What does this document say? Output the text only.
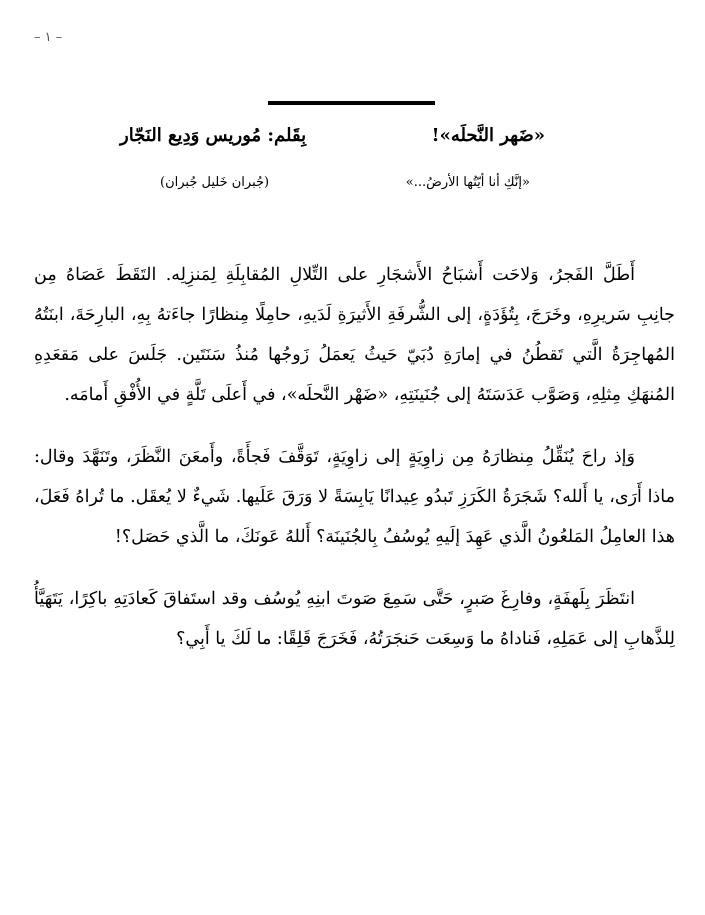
– ١ –
«ضَهر النَّحلَه»!
بِقَلم: مُوريس وَدِيع النَجّار
«إنَّكِ أنا أيّتُها الأرضُ...»
(جُبران خَليل جُبران)

أَطَلَّ الفَجرُ، وَلاحَت أَشبَاحُ الأَشجَارِ على التِّلالِ المُقابِلَةِ لِمَنزِلِه. التَقَطَ عَصَاهُ مِن جانِبِ سَريرِهِ، وخَرَجَ، بِتُؤَدَةٍ، إلى الشُّرفَةِ الأَثيرَةِ لَدَيهِ، حامِلًا مِنظارًا جاءَتهُ بِهِ، البارِحَةَ، ابنَتُهُ المُهاجِرَةُ الَّتي تَقطُنُ في إمارَةِ دُبَيّ حَيثُ يَعمَلُ زَوجُها مُنذُ سَنَتَين. جَلَسَ على مَقعَدِهِ المُنهَكِ مِثلِهِ، وَصَوَّب عَدَسَتَهُ إلى جُنَينَتِهِ، «ضَهْر النَّحلَه»، في أَعلَى تَلَّةٍ في الأُفْقِ أَمامَه.

وَإذ راحَ يُنَقِّلُ مِنظارَهُ مِن زاوِيَةٍ إلى زاوِيَةٍ، تَوَقَّفَ فَجأَةً، وأَمعَنَ النَّظَرَ، وتَنَهَّدَ وقال: ماذا أَرَى، يا أَلله؟ شَجَرَةُ الكَرَزِ تَبدُو عِيدانًا يَابِسَةً لا وَرَقَ عَلَيها. شَيءٌ لا يُعقَل. ما تُراهُ فَعَلَ، هذا العامِلُ المَلعُونُ الَّذي عَهِدَ إلَيهِ يُوسُفُ بِالجُنَينَة؟ أَللهُ عَونَكَ، ما الَّذي حَصَل؟!

انتَظَرَ بِلَهفَةٍ، وفارِغَ صَبرٍ، حَتَّى سَمِعَ صَوتَ ابنِهِ يُوسُف وقد استَفاقَ كَعادَتِهِ باكِرًا، يَتَهَيَّأُ لِلذَّهابِ إلى عَمَلِهِ، فَناداهُ ما وَسِعَت حَنجَرَتُهُ، فَخَرَجَ قَلِقًا: ما لَكَ يا أَبِي؟
